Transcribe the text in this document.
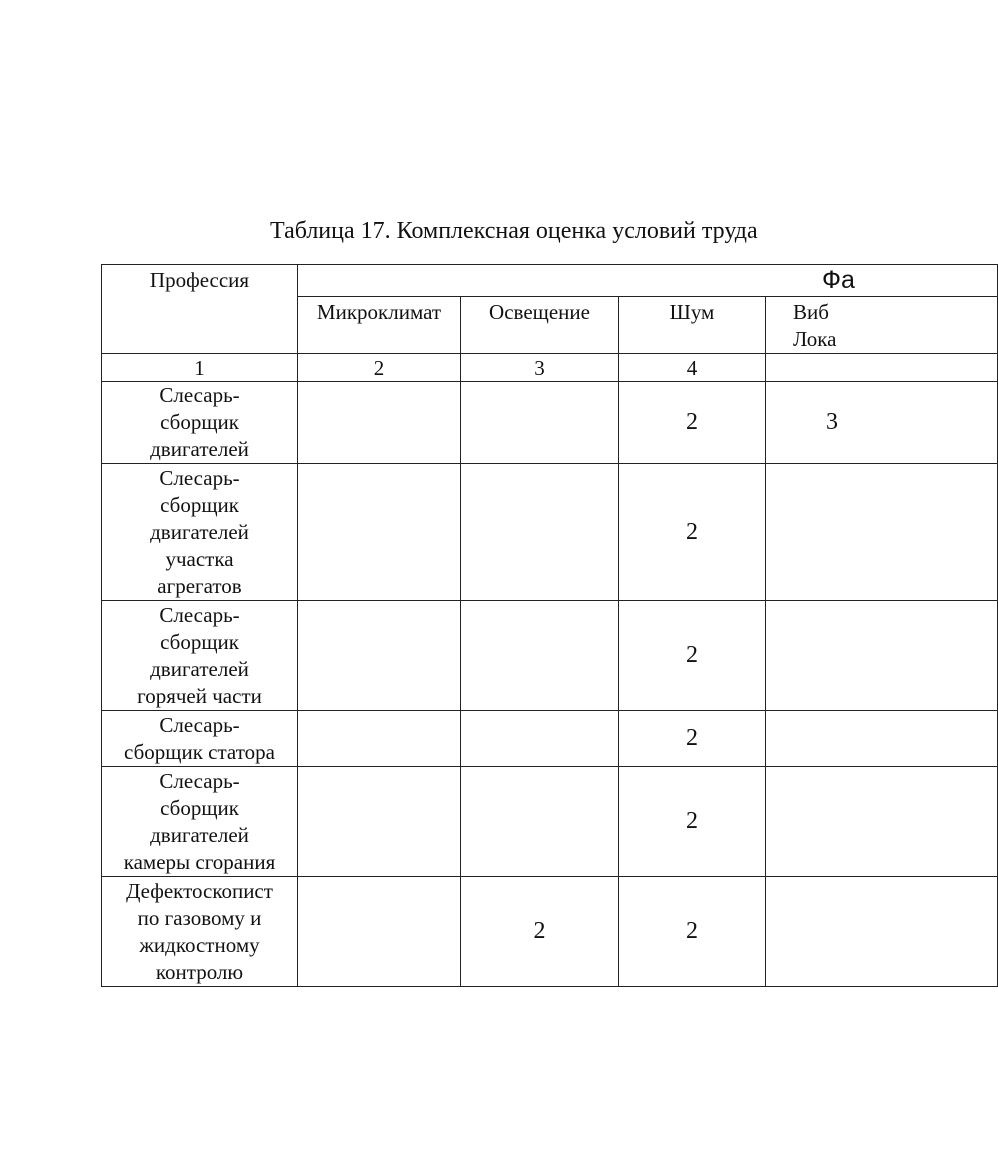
Таблица 17. Комплексная оценка условий труда
Профессия	Фа			
	Микроклимат	Освещение	Шум	Виб
Лока
1	2	3	4	
Слесарь-
сборщик
двигателей			2	3
Слесарь-
сборщик
двигателей
участка
агрегатов			2	
Слесарь-
сборщик
двигателей
горячей части			2	
Слесарь-
сборщик статора			2	
Слесарь-
сборщик
двигателей
камеры сгорания			2	
Дефектоскопист
по газовому и
жидкостному
контролю		2	2	
